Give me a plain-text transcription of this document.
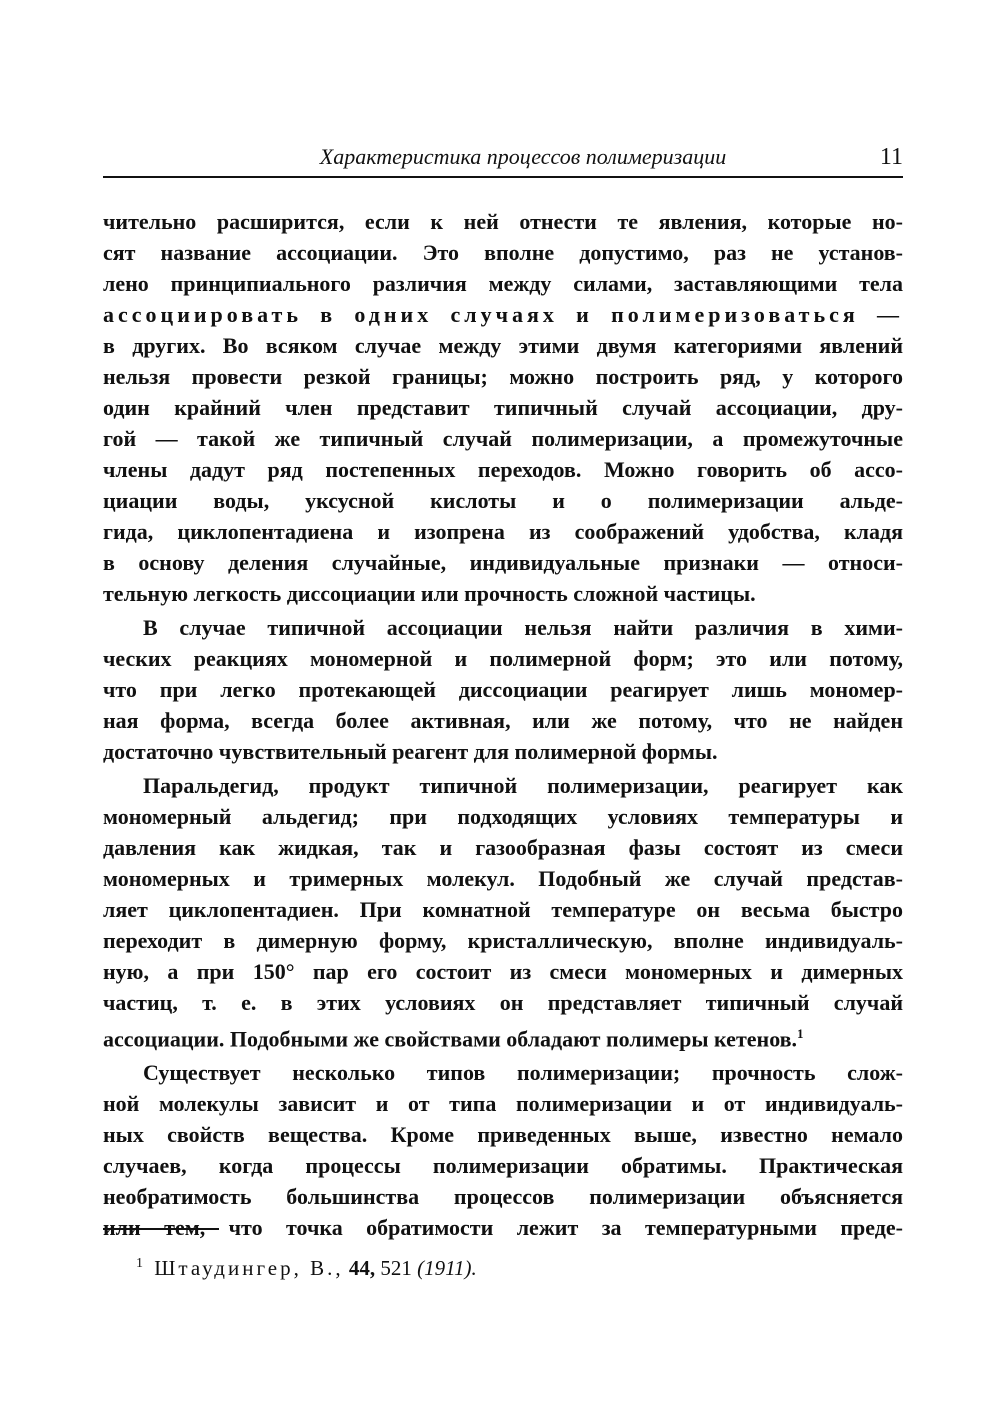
Характеристика процессов полимеризации	11

чительно расширится, если к ней отнести те явления, которые но-
сят название ассоциации. Это вполне допустимо, раз не установ-
лено принципиального различия между силами, заставляющими тела
ассоциировать в одних случаях и полимеризоваться —
в других. Во всяком случае между этими двумя категориями явлений
нельзя провести резкой границы; можно построить ряд, у которого
один крайний член представит типичный случай ассоциации, дру-
гой — такой же типичный случай полимеризации, а промежуточные
члены дадут ряд постепенных переходов. Можно говорить об ассо-
циации воды, уксусной кислоты и о полимеризации альде-
гида, циклопентадиена и изопрена из соображений удобства, кладя
в основу деления случайные, индивидуальные признаки — относи-
тельную легкость диссоциации или прочность сложной частицы.

В случае типичной ассоциации нельзя найти различия в хими-
ческих реакциях мономерной и полимерной форм; это или потому,
что при легко протекающей диссоциации реагирует лишь мономер-
ная форма, всегда более активная, или же потому, что не найден
достаточно чувствительный реагент для полимерной формы.

Паральдегид, продукт типичной полимеризации, реагирует как
мономерный альдегид; при подходящих условиях температуры и
давления как жидкая, так и газообразная фазы состоят из смеси
мономерных и тримерных молекул. Подобный же случай представ-
ляет циклопентадиен. При комнатной температуре он весьма быстро
переходит в димерную форму, кристаллическую, вполне индивидуаль-
ную, а при 150° пар его состоит из смеси мономерных и димерных
частиц, т. е. в этих условиях он представляет типичный случай
ассоциации. Подобными же свойствами обладают полимеры кетенов.$^1$

Существует несколько типов полимеризации; прочность слож-
ной молекулы зависит и от типа полимеризации и от индивидуаль-
ных свойств вещества. Кроме приведенных выше, известно немало
случаев, когда процессы полимеризации обратимы. Практическая
необратимость большинства процессов полимеризации объясняется
или тем, что точка обратимости лежит за температурными преде-

$^1$ Штаудингер, В., 44, 521 (1911).
